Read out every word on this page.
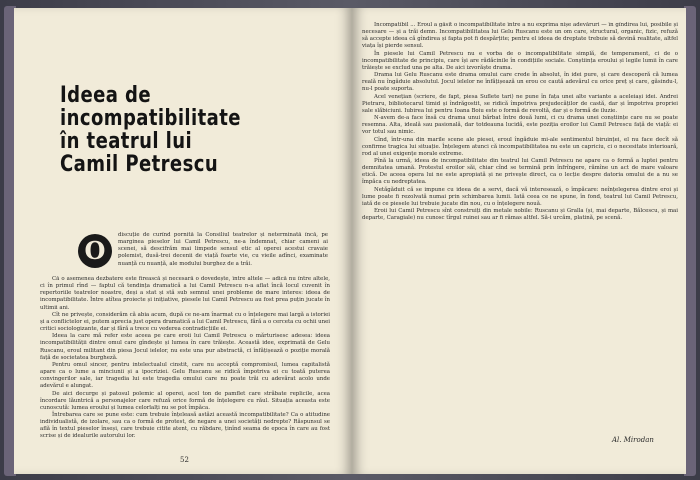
Ideea de
incompatibilitate
în teatrul lui
Camil Petrescu
O

discuție de curînd pornită la Consiliul teatrelor și neterminată încă, pe marginea pieselor lui Camil Petrescu, ne-a îndemnat, chiar cameni ai scenei, să descifrăm mai limpede sensul etic al operei acestui cravaie polemist, dusă-trei decenii de viață foarte vie, cu vieile adînci, examinate nuanță cu nuanță, ale modului burghez de a trăi.

Că o asemenea dezbatere este firească și necesară o dovedește, între altele — adică nu între altele, ci în primul rînd — faptul că tendința dramatică a lui Camil Petrescu n-a aflat încă locul cuvenit în repertoriile teatrelor noastre, deși a stat și stă sub semnul unei probleme de mare interes: ideea de incompatibilitate. Între atîtea proiecte și inițiative, piesele lui Camil Petrescu au fost prea puțin jucate în ultimii ani.

Cît ne privește, considerăm că abia acum, după ce ne-am înarmat cu o înțelegere mai largă a istoriei și a conflictelor ei, putem aprecia just opera dramatică a lui Camil Petrescu, fără a o cerceta cu ochii unei critici sociologizante, dar și fără a trece cu vederea contradicțiile ei.

Ideea la care mă refer este aceea pe care eroii lui Camil Petrescu o mărturisesc adesea: ideea incompatibilității dintre omul care gîndește și lumea în care trăiește. Această idee, exprimată de Gelu Ruscanu, eroul militant din piesa Jocul ielelor, nu este una pur abstractă, ci înfățișează o poziție morală față de societatea burgheză.

Pentru omul sincer, pentru intelectualul cinstit, care nu acceptă compromisul, lumea capitalistă apare ca o lume a minciunii și a ipocriziei. Gelu Ruscanu se ridică împotriva ei cu toată puterea convingerilor sale, iar tragedia lui este tragedia omului care nu poate trăi cu adevărat acolo unde adevărul e alungat.

De aici decurge și patosul polemic al operei, acel ton de pamflet care străbate replicile, acea încordare lăuntrică a personajelor care refuză orice formă de înțelegere cu răul. Situația aceasta este cunoscută: lumea eroului și lumea celorlalți nu se pot împăca.

Întrebarea care se pune este: cum trebuie înțeleasă astăzi această incompatibilitate? Ca o atitudine individualistă, de izolare, sau ca o formă de protest, de negare a unei societăți nedrepte? Răspunsul se află în textul pieselor înseși, care trebuie citite atent, cu răbdare, ținînd seama de epoca în care au fost scrise și de idealurile autorului lor.

52

Incompatibil ... Eroul a găsit o incompatibilitate între a nu exprima nișe adevăruri — în gîndirea lui, posibile și necesare — și a trăi demn. Incompatibilitatea lui Gelu Ruscanu este un om care, structural, organic, fizic, refuză să accepte ideea că gîndirea și fapta pot fi despărțite; pentru el ideea de dreptate trebuie să devină realitate, altfel viața își pierde sensul.

În piesele lui Camil Petrescu nu e vorba de o incompatibilitate simplă, de temperament, ci de o incompatibilitate de principiu, care își are rădăcinile în condițiile sociale. Conștiința eroului și legile lumii în care trăiește se exclud una pe alta. De aici izvorăște drama.

Drama lui Gelu Ruscanu este drama omului care crede în absolut, în idei pure, și care descoperă că lumea reală nu îngăduie absolutul. Jocul ielelor ne înfățișează un erou ce caută adevărul cu orice preț și care, găsindu-l, nu-l poate suporta.

Acel venețian (scriere, de fapt, piesa Suflete tari) ne pune în fața unei alte variante a aceleiași idei. Andrei Pietraru, bibliotecarul timid și îndrăgostit, se ridică împotriva prejudecăților de castă, dar și împotriva propriei sale slăbiciuni. Iubirea lui pentru Ioana Boiu este o formă de revoltă, dar și o formă de iluzie.

N-avem de-a face însă cu drama unui bărbat între două lumi, ci cu drama unei conștiințe care nu se poate resemna. Alta, ideală sau pasională, dar totdeauna lucidă, este poziția eroilor lui Camil Petrescu față de viață: ei vor totul sau nimic.

Cînd, într-una din marile scene ale piesei, eroul îngăduie mi-ale sentimentul biruinței, el nu face decît să confirme tragica lui situație. Înțelegem atunci că incompatibilitatea nu este un capriciu, ci o necesitate interioară, rod al unei exigențe morale extreme.

Pînă la urmă, ideea de incompatibilitate din teatrul lui Camil Petrescu ne apare ca o formă a luptei pentru demnitatea umană. Protestul eroilor săi, chiar cînd se termină prin înfrîngere, rămîne un act de mare valoare etică. De aceea opera lui ne este apropiată și ne privește direct, ca o lecție despre datoria omului de a nu se împăca cu nedreptatea.

Netăgăduit că se impune cu ideea de a servi, dacă vă interesează, o împăcare: neînțelegerea dintre eroi și lume poate fi rezolvată numai prin schimbarea lumii. Iată ceea ce ne spune, în fond, teatrul lui Camil Petrescu, iată de ce piesele lui trebuie jucate din nou, cu o înțelegere nouă.

Eroii lui Camil Petrescu sînt construiți din metale nobile: Ruscanu și Gralla (și, mai departe, Bălcescu, și mai departe, Caragiale) nu cunosc tîrgul ruinei sau ar fi rămas altfel. Să-i urcăm, platină, pe scenă.

Al. Mirodan
